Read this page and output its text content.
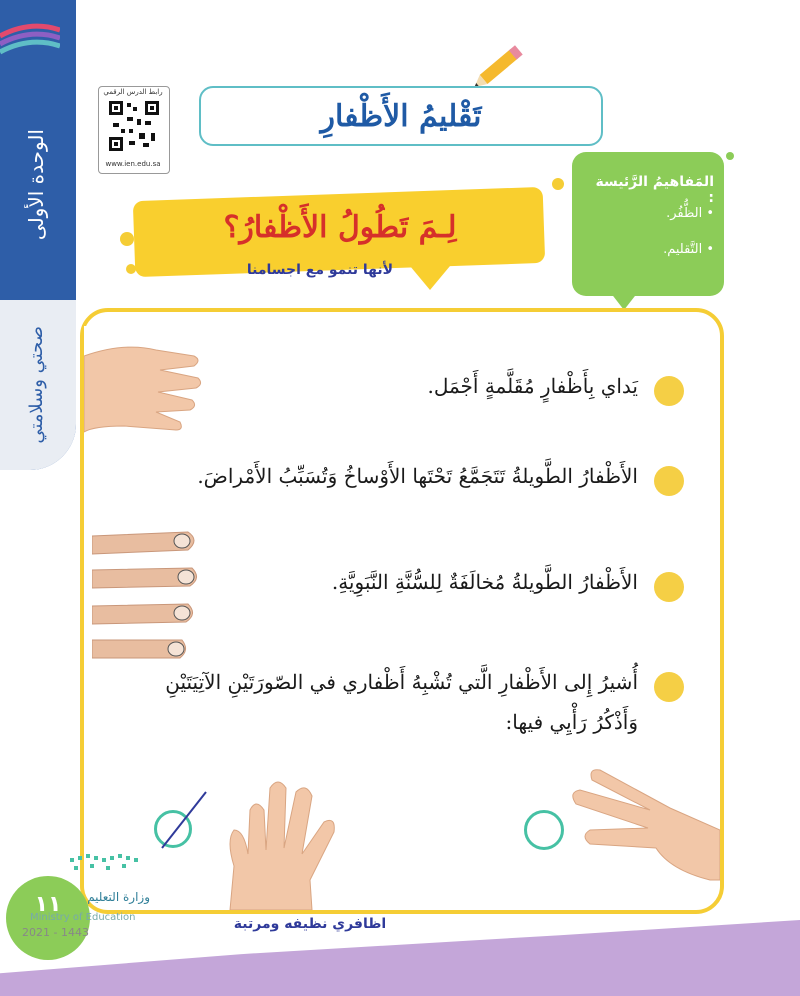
الوحدة الأولى
صحتي وسلامتي
رابط الدرس الرقمي
www.ien.edu.sa
تَقْليمُ الأَظْفارِ
المَفاهيمُ الرَّئيسة :
• الظُّفُر.
• التَّقليم.
لِـمَ تَطُولُ الأَظْفارُ؟
لأنها تنمو مع اجسامنا
يَداي بِأَظْفارٍ مُقَلَّمةٍ أَجْمَل.
الأَظْفارُ الطَّويلةُ تَتَجَمَّعُ تَحْتَها الأَوْساخُ وَتُسَبِّبُ الأَمْراضَ.
الأَظْفارُ الطَّويلةُ مُخالَفَةٌ لِلسُّنَّةِ النَّبَوِيَّةِ.
أُشيرُ إِلى الأَظْفارِ الَّتي تُشْبِهُ أَظْفاري في الصّورَتَيْنِ الآتِيَتَيْنِ
وَأَذْكُرُ رَأْيِي فيها:
١١	وزارة التعليم
Ministry of Education
2021 - 1443
اظافري نظيفه ومرتبة
